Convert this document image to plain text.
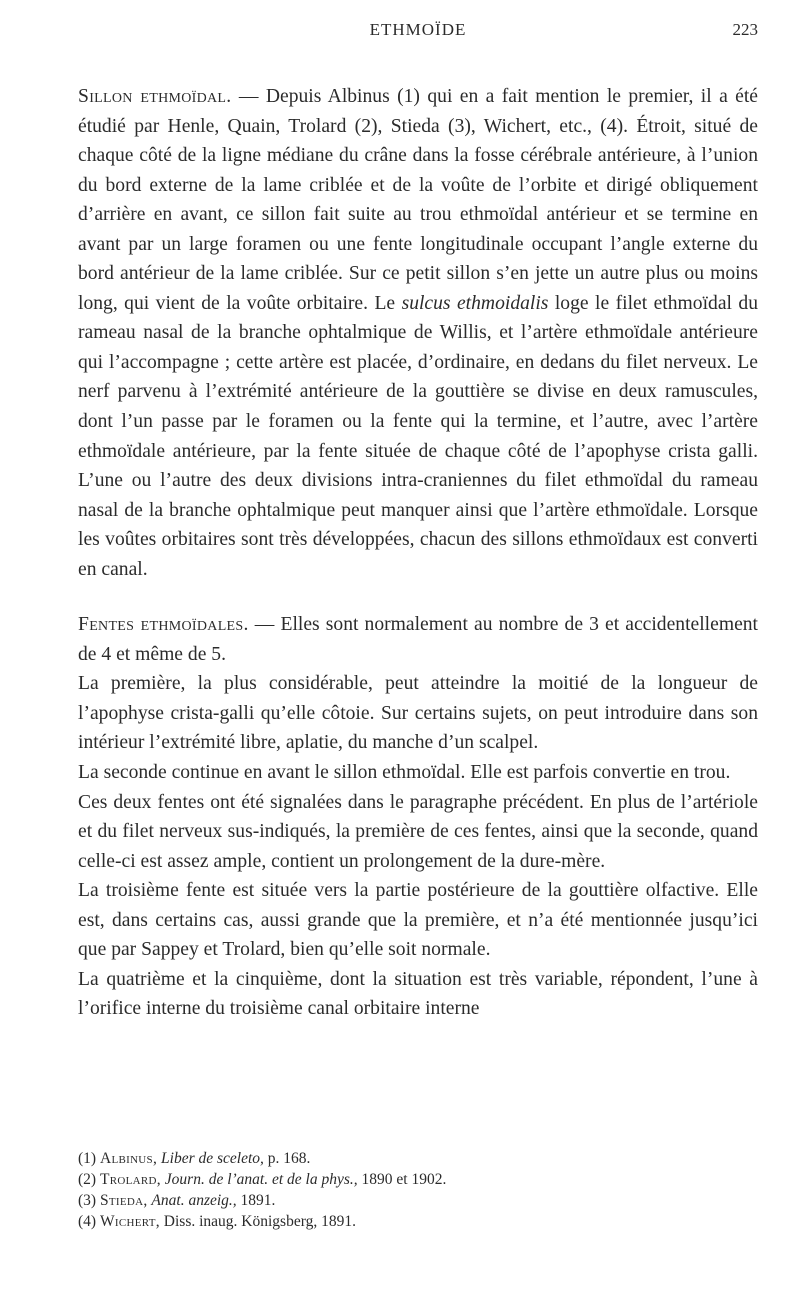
ETHMOÏDE	223

Sillon ethmoïdal. — Depuis Albinus (1) qui en a fait mention le premier, il a été étudié par Henle, Quain, Trolard (2), Stieda (3), Wichert, etc., (4). Étroit, situé de chaque côté de la ligne médiane du crâne dans la fosse cérébrale antérieure, à l’union du bord externe de la lame criblée et de la voûte de l’orbite et dirigé obliquement d’arrière en avant, ce sillon fait suite au trou ethmoïdal antérieur et se termine en avant par un large foramen ou une fente longitudinale occupant l’angle externe du bord antérieur de la lame criblée. Sur ce petit sillon s’en jette un autre plus ou moins long, qui vient de la voûte orbitaire. Le sulcus ethmoidalis loge le filet ethmoïdal du rameau nasal de la branche ophtalmique de Willis, et l’artère ethmoïdale antérieure qui l’accompagne ; cette artère est placée, d’ordinaire, en dedans du filet nerveux. Le nerf parvenu à l’extrémité antérieure de la gouttière se divise en deux ramuscules, dont l’un passe par le foramen ou la fente qui la termine, et l’autre, avec l’artère ethmoïdale antérieure, par la fente située de chaque côté de l’apophyse crista galli. L’une ou l’autre des deux divisions intra-craniennes du filet ethmoïdal du rameau nasal de la branche ophtalmique peut manquer ainsi que l’artère ethmoïdale. Lorsque les voûtes orbitaires sont très développées, chacun des sillons ethmoïdaux est converti en canal.

Fentes ethmoïdales. — Elles sont normalement au nombre de 3 et accidentellement de 4 et même de 5.

La première, la plus considérable, peut atteindre la moitié de la longueur de l’apophyse crista-galli qu’elle côtoie. Sur certains sujets, on peut introduire dans son intérieur l’extrémité libre, aplatie, du manche d’un scalpel.

La seconde continue en avant le sillon ethmoïdal. Elle est parfois convertie en trou.

Ces deux fentes ont été signalées dans le paragraphe précédent. En plus de l’artériole et du filet nerveux sus-indiqués, la première de ces fentes, ainsi que la seconde, quand celle-ci est assez ample, contient un prolongement de la dure-mère.

La troisième fente est située vers la partie postérieure de la gouttière olfactive. Elle est, dans certains cas, aussi grande que la première, et n’a été mentionnée jusqu’ici que par Sappey et Trolard, bien qu’elle soit normale.

La quatrième et la cinquième, dont la situation est très variable, répondent, l’une à l’orifice interne du troisième canal orbitaire interne

(1) Albinus, Liber de sceleto, p. 168.
(2) Trolard, Journ. de l’anat. et de la phys., 1890 et 1902.
(3) Stieda, Anat. anzeig., 1891.
(4) Wichert, Diss. inaug. Königsberg, 1891.
